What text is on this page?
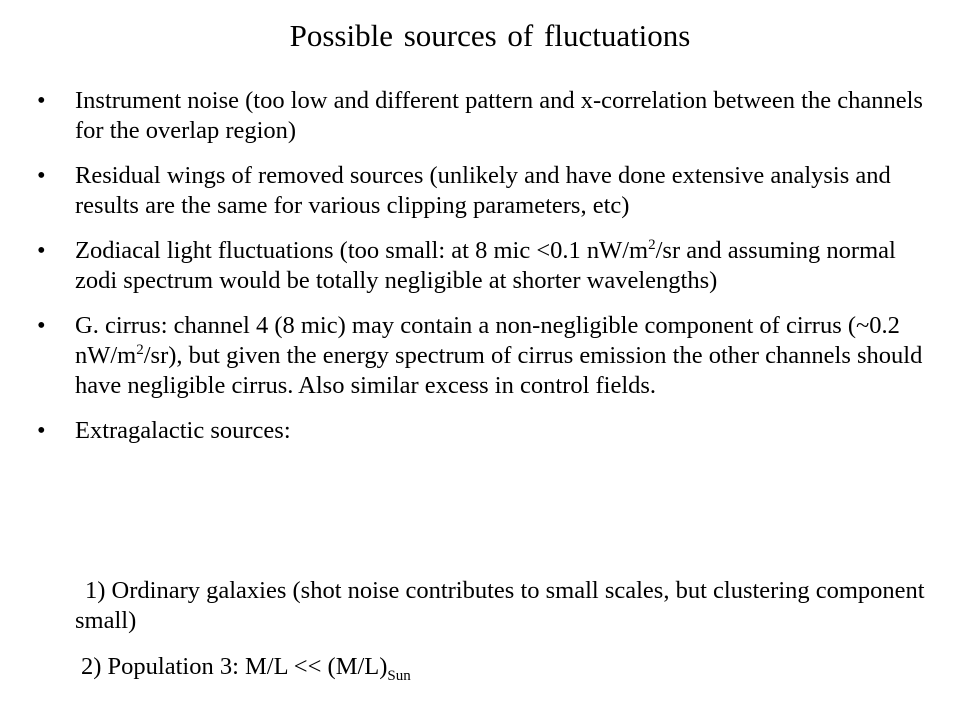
Possible sources of fluctuations
• Instrument noise (too low and different pattern and x-correlation between the channels for the overlap region)
• Residual wings of removed sources (unlikely and have done extensive analysis and results are the same for various clipping parameters, etc)
• Zodiacal light fluctuations (too small: at 8 mic <0.1 $nW/m^2/sr$ and assuming normal zodi spectrum would be totally negligible at shorter wavelengths)
• G. cirrus: channel 4 (8 mic) may contain a non-negligible component of cirrus (~0.2 $nW/m^2/sr$), but given the energy spectrum of cirrus emission the other channels should have negligible cirrus. Also similar excess in control fields.
• Extragalactic sources:
1) Ordinary galaxies (shot noise contributes to small scales, but clustering component small)
2) Population 3: $M/L << (M/L)_{Sun}$
